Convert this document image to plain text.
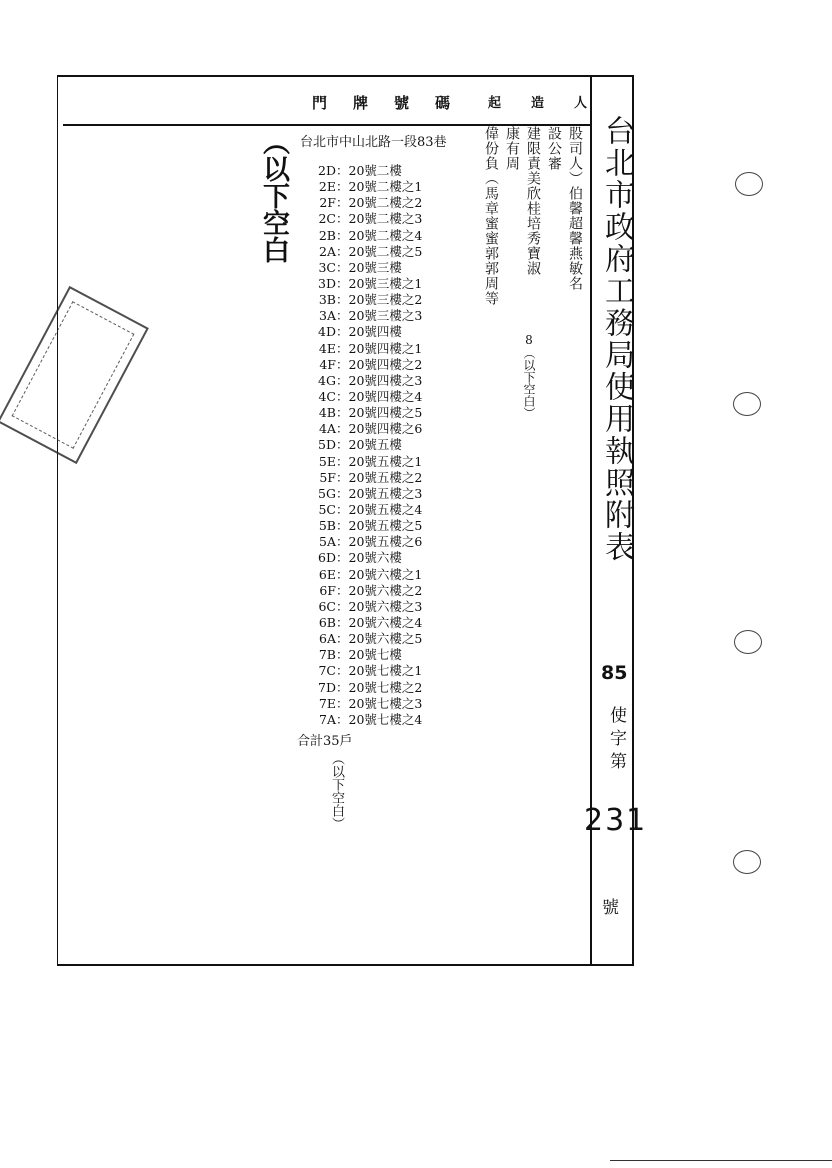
門牌號碼 起造人
台北市政府工務局使用執照附表
85
使字第
231
號
股司人）伯馨超馨燕敏名
設公審
建限責美欣桂培秀寶淑
康有周
偉份負（馬章蜜蜜郭郭周等
8（以下空白）
台北市中山北路一段83巷
2D：20號二樓
2E：20號二樓之1
2F：20號二樓之2
2C：20號二樓之3
2B：20號二樓之4
2A：20號二樓之5
3C：20號三樓
3D：20號三樓之1
3B：20號三樓之2
3A：20號三樓之3
4D：20號四樓
4E：20號四樓之1
4F：20號四樓之2
4G：20號四樓之3
4C：20號四樓之4
4B：20號四樓之5
4A：20號四樓之6
5D：20號五樓
5E：20號五樓之1
5F：20號五樓之2
5G：20號五樓之3
5C：20號五樓之4
5B：20號五樓之5
5A：20號五樓之6
6D：20號六樓
6E：20號六樓之1
6F：20號六樓之2
6C：20號六樓之3
6B：20號六樓之4
6A：20號六樓之5
7B：20號七樓
7C：20號七樓之1
7D：20號七樓之2
7E：20號七樓之3
7A：20號七樓之4
合計35戶
（以下空白）
（以下空白
